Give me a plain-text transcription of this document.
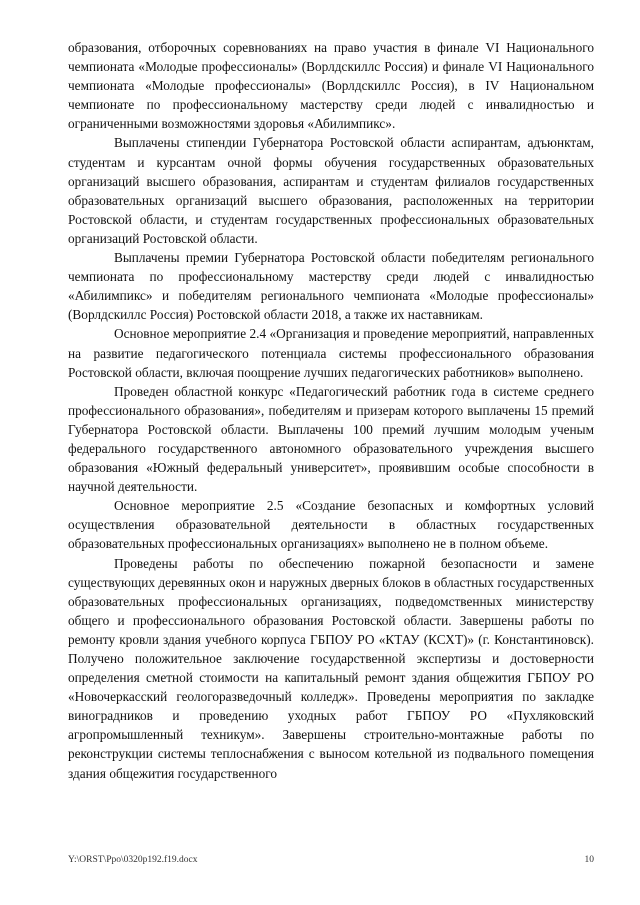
образования, отборочных соревнованиях на право участия в финале VI Национального чемпионата «Молодые профессионалы» (Ворлдскиллс Россия) и финале VI Национального чемпионата «Молодые профессионалы» (Ворлдскиллс Россия), в IV Национальном чемпионате по профессиональному мастерству среди людей с инвалидностью и ограниченными возможностями здоровья «Абилимпикс».

Выплачены стипендии Губернатора Ростовской области аспирантам, адъюнктам, студентам и курсантам очной формы обучения государственных образовательных организаций высшего образования, аспирантам и студентам филиалов государственных образовательных организаций высшего образования, расположенных на территории Ростовской области, и студентам государственных профессиональных образовательных организаций Ростовской области.

Выплачены премии Губернатора Ростовской области победителям регионального чемпионата по профессиональному мастерству среди людей с инвалидностью «Абилимпикс» и победителям регионального чемпионата «Молодые профессионалы» (Ворлдскиллс Россия) Ростовской области 2018, а также их наставникам.

Основное мероприятие 2.4 «Организация и проведение мероприятий, направленных на развитие педагогического потенциала системы профессионального образования Ростовской области, включая поощрение лучших педагогических работников» выполнено.

Проведен областной конкурс «Педагогический работник года в системе среднего профессионального образования», победителям и призерам которого выплачены 15 премий Губернатора Ростовской области. Выплачены 100 премий лучшим молодым ученым федерального государственного автономного образовательного учреждения высшего образования «Южный федеральный университет», проявившим особые способности в научной деятельности.

Основное мероприятие 2.5 «Создание безопасных и комфортных условий осуществления образовательной деятельности в областных государственных образовательных профессиональных организациях» выполнено не в полном объеме.

Проведены работы по обеспечению пожарной безопасности и замене существующих деревянных окон и наружных дверных блоков в областных государственных образовательных профессиональных организациях, подведомственных министерству общего и профессионального образования Ростовской области. Завершены работы по ремонту кровли здания учебного корпуса ГБПОУ РО «КТАУ (КСХТ)» (г. Константиновск). Получено положительное заключение государственной экспертизы и достоверности определения сметной стоимости на капитальный ремонт здания общежития ГБПОУ РО «Новочеркасский геологоразведочный колледж». Проведены мероприятия по закладке виноградников и проведению уходных работ ГБПОУ РО «Пухляковский агропромышленный техникум». Завершены строительно-монтажные работы по реконструкции системы теплоснабжения с выносом котельной из подвального помещения здания общежития государственного

Y:\ORST\Ppo\0320p192.f19.docx	10
